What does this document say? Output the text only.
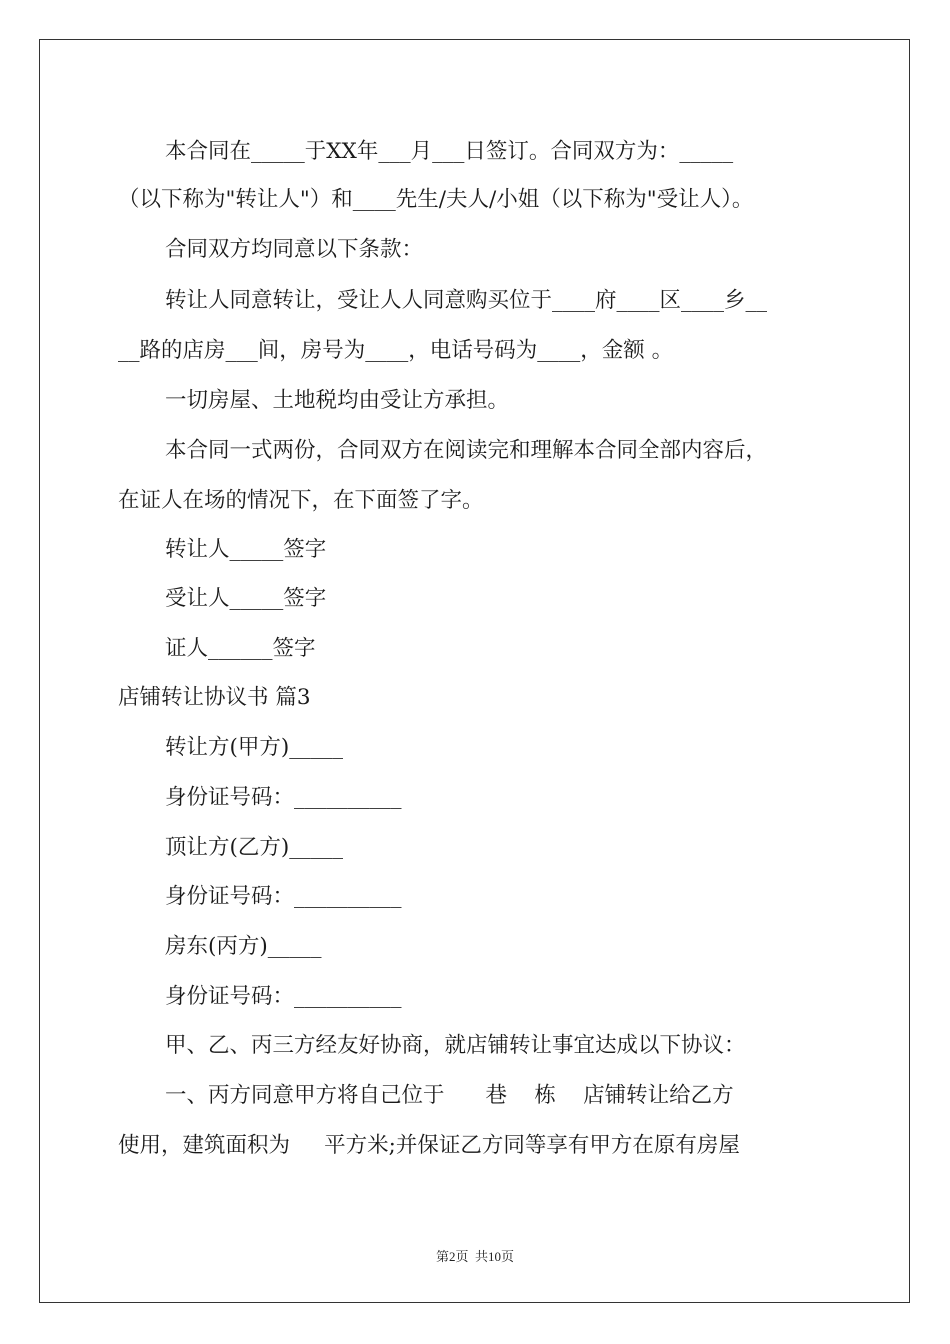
本合同在_____于XX年___月___日签订。合同双方为：_____

（以下称为"转让人"）和____先生/夫人/小姐（以下称为"受让人）。

合同双方均同意以下条款：

转让人同意转让，受让人人同意购买位于____府____区____乡__

__路的店房___间，房号为____，电话号码为____，金额 。

一切房屋、土地税均由受让方承担。

本合同一式两份，合同双方在阅读完和理解本合同全部内容后，

在证人在场的情况下，在下面签了字。

转让人_____签字

受让人_____签字

证人______签字

店铺转让协议书 篇3

转让方(甲方)_____

身份证号码：__________

顶让方(乙方)_____

身份证号码：__________

房东(丙方)_____

身份证号码：__________

甲、乙、丙三方经友好协商，就店铺转让事宜达成以下协议：

一、丙方同意甲方将自己位于      巷    栋    店铺转让给乙方

使用，建筑面积为     平方米;并保证乙方同等享有甲方在原有房屋

第2页  共10页
